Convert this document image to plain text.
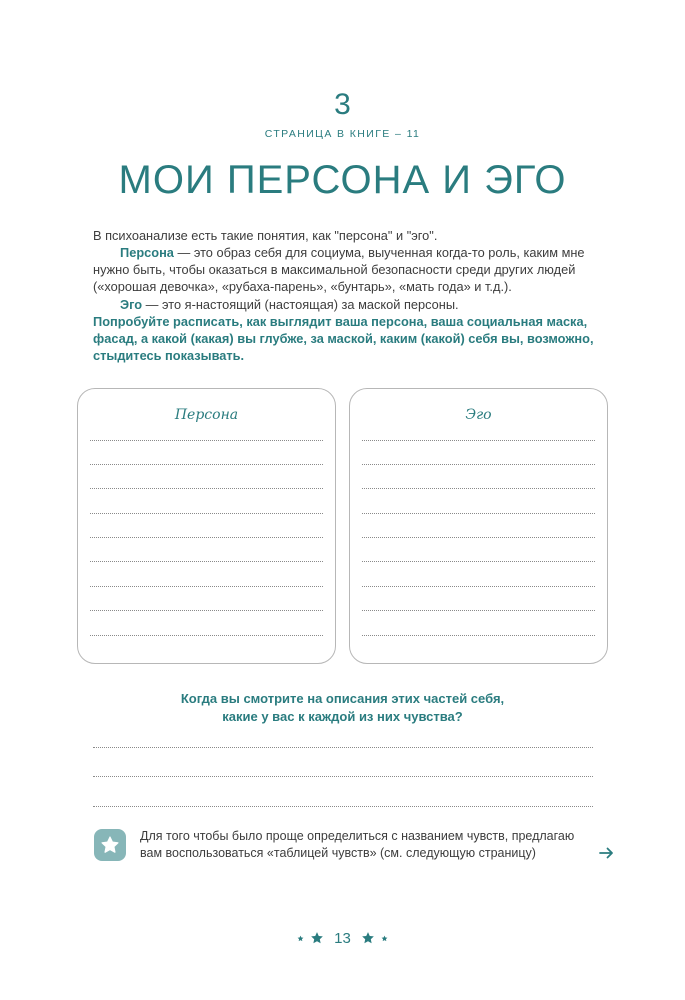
3
СТРАНИЦА В КНИГЕ – 11
МОИ ПЕРСОНА И ЭГО

В психоанализе есть такие понятия, как "персона" и "эго".

Персона — это образ себя для социума, выученная когда-то роль, каким мне нужно быть, чтобы оказаться в максимальной безопасности среди других людей («хорошая девочка», «рубаха-парень», «бунтарь», «мать года» и т.д.).

Эго — это я-настоящий (настоящая) за маской персоны.

Попробуйте расписать, как выглядит ваша персона, ваша социальная маска, фасад, а какой (какая) вы глубже, за маской, каким (какой) себя вы, возможно, стыдитесь показывать.

Персона	Эго
Когда вы смотрите на описания этих частей себя,
какие у вас к каждой из них чувства?

Для того чтобы было проще определиться с названием чувств, предлагаю вам воспользоваться «таблицей чувств» (см. следующую страницу)

13
